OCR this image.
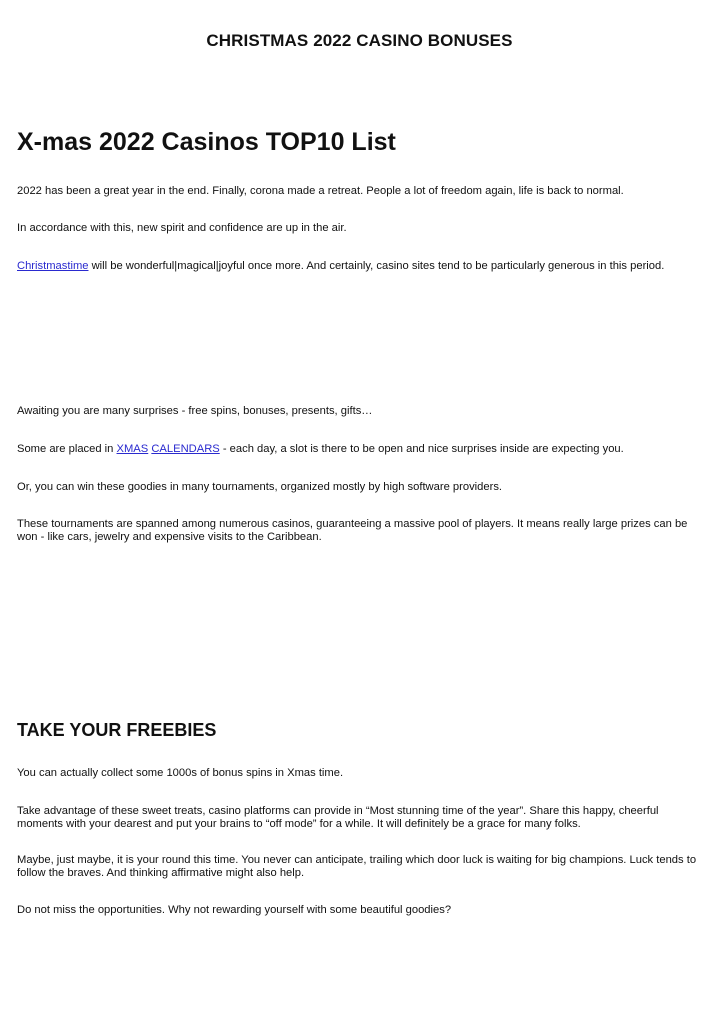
CHRISTMAS 2022 CASINO BONUSES
X-mas 2022 Casinos TOP10 List

2022 has been a great year in the end. Finally, corona made a retreat. People a lot of freedom again, life is back to normal.

In accordance with this, new spirit and confidence are up in the air.

Christmastime will be wonderful|magical|joyful once more. And certainly, casino sites tend to be particularly generous in this period.

Awaiting you are many surprises - free spins, bonuses, presents, gifts…

Some are placed in XMAS CALENDARS - each day, a slot is there to be open and nice surprises inside are expecting you.

Or, you can win these goodies in many tournaments, organized mostly by high software providers.

These tournaments are spanned among numerous casinos, guaranteeing a massive pool of players. It means really large prizes can be won - like cars, jewelry and expensive visits to the Caribbean.

TAKE YOUR FREEBIES

You can actually collect some 1000s of bonus spins in Xmas time.

Take advantage of these sweet treats, casino platforms can provide in “Most stunning time of the year”. Share this happy, cheerful moments with your dearest and put your brains to “off mode” for a while. It will definitely be a grace for many folks.

Maybe, just maybe, it is your round this time. You never can anticipate, trailing which door luck is waiting for big champions. Luck tends to follow the braves. And thinking affirmative might also help.

Do not miss the opportunities. Why not rewarding yourself with some beautiful goodies?
